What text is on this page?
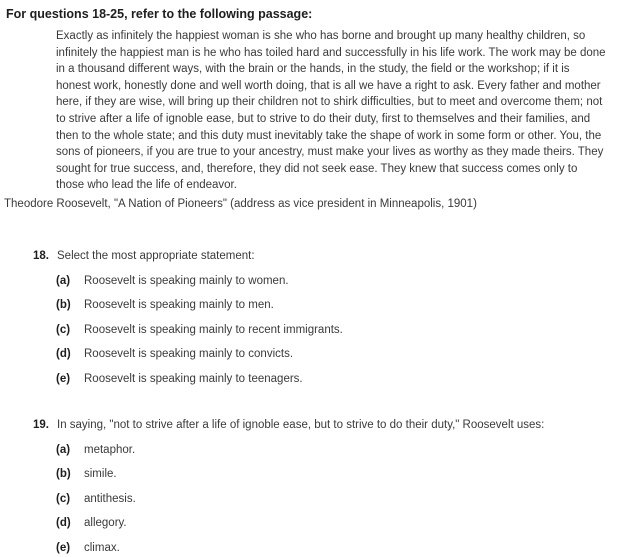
For questions 18-25, refer to the following passage:
Exactly as infinitely the happiest woman is she who has borne and brought up many healthy children, so
infinitely the happiest man is he who has toiled hard and successfully in his life work. The work may be done
in a thousand different ways, with the brain or the hands, in the study, the field or the workshop; if it is
honest work, honestly done and well worth doing, that is all we have a right to ask. Every father and mother
here, if they are wise, will bring up their children not to shirk difficulties, but to meet and overcome them; not
to strive after a life of ignoble ease, but to strive to do their duty, first to themselves and their families, and
then to the whole state; and this duty must inevitably take the shape of work in some form or other. You, the
sons of pioneers, if you are true to your ancestry, must make your lives as worthy as they made theirs. They
sought for true success, and, therefore, they did not seek ease. They knew that success comes only to
those who lead the life of endeavor.
Theodore Roosevelt, "A Nation of Pioneers" (address as vice president in Minneapolis, 1901)
18. Select the most appropriate statement:
(a)	Roosevelt is speaking mainly to women.
(b)	Roosevelt is speaking mainly to men.
(c)	Roosevelt is speaking mainly to recent immigrants.
(d)	Roosevelt is speaking mainly to convicts.
(e)	Roosevelt is speaking mainly to teenagers.
19. In saying, "not to strive after a life of ignoble ease, but to strive to do their duty," Roosevelt uses:
(a)	metaphor.
(b)	simile.
(c)	antithesis.
(d)	allegory.
(e)	climax.
